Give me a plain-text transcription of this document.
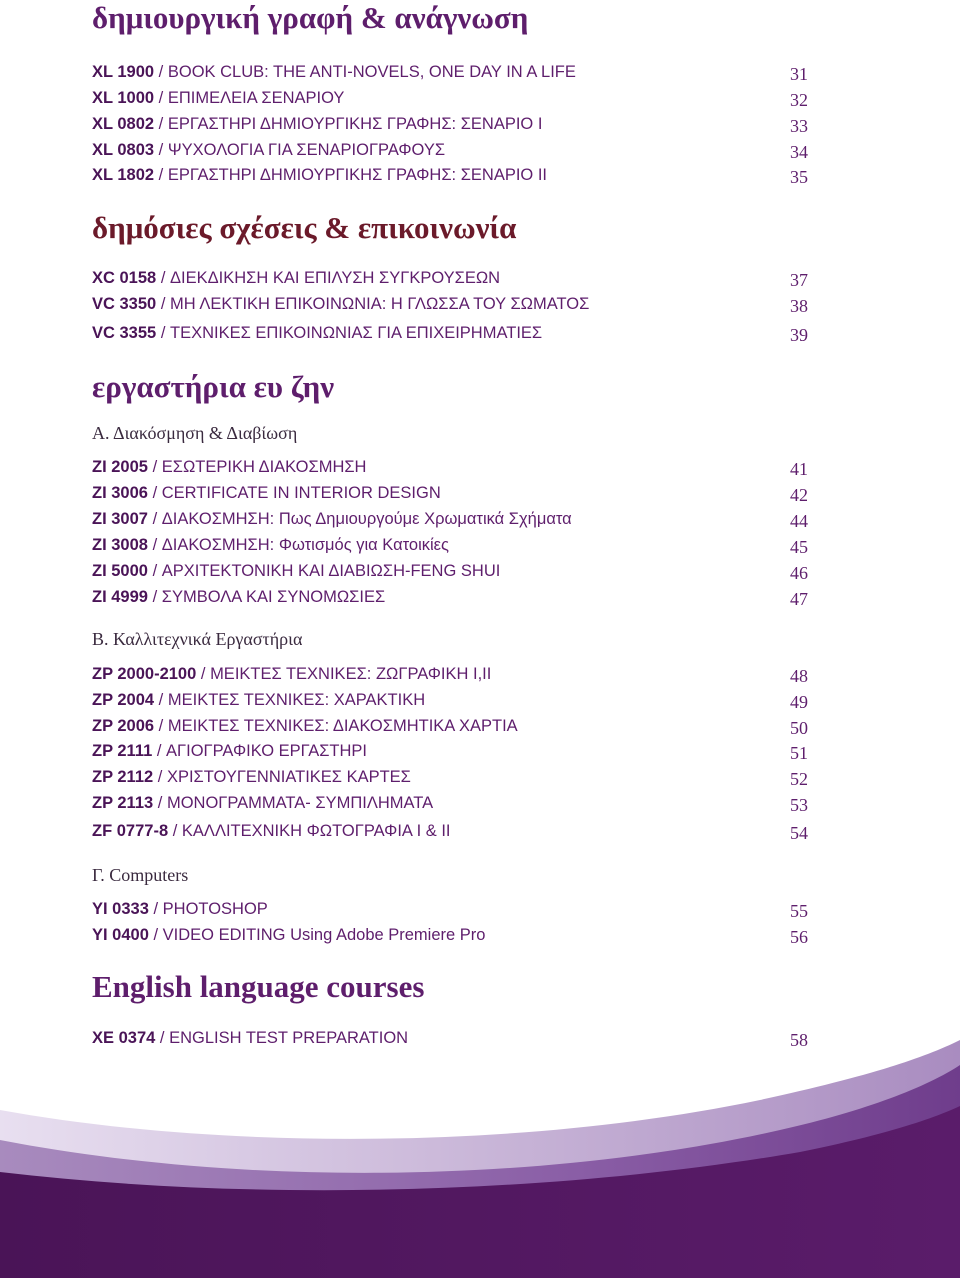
δημιουργική γραφή & ανάγνωση
XL 1900 / BOOK CLUB: THE ANTI-NOVELS, ONE DAY IN A LIFE	31
XL 1000 / ΕΠΙΜΕΛΕΙΑ ΣΕΝΑΡΙΟΥ	32
XL 0802 / ΕΡΓΑΣΤΗΡΙ ΔΗΜΙΟΥΡΓΙΚΗΣ ΓΡΑΦΗΣ: ΣΕΝΑΡΙΟ Ι	33
XL 0803 / ΨΥΧΟΛΟΓΙΑ ΓΙΑ ΣΕΝΑΡΙΟΓΡΑΦΟΥΣ	34
XL 1802 / ΕΡΓΑΣΤΗΡΙ ΔΗΜΙΟΥΡΓΙΚΗΣ ΓΡΑΦΗΣ: ΣΕΝΑΡΙΟ ΙΙ	35
δημόσιες σχέσεις & επικοινωνία
XC 0158 / ΔΙΕΚΔΙΚΗΣΗ ΚΑΙ ΕΠΙΛΥΣΗ ΣΥΓΚΡΟΥΣΕΩΝ	37
VC 3350 / ΜΗ ΛΕΚΤΙΚΗ ΕΠΙΚΟΙΝΩΝΙΑ: Η ΓΛΩΣΣΑ ΤΟΥ ΣΩΜΑΤΟΣ	38
VC 3355 / ΤΕΧΝΙΚΕΣ ΕΠΙΚΟΙΝΩΝΙΑΣ ΓΙΑ ΕΠΙΧΕΙΡΗΜΑΤΙΕΣ	39
εργαστήρια ευ ζην
Α. Διακόσμηση & Διαβίωση
ZI 2005 / ΕΣΩΤΕΡΙΚΗ ΔΙΑΚΟΣΜΗΣΗ	41
ZI 3006 / CERTIFICATE IN INTERIOR DESIGN	42
ZI 3007 / ΔΙΑΚΟΣΜΗΣΗ: Πως Δημιουργούμε Χρωματικά Σχήματα	44
ZI 3008 / ΔΙΑΚΟΣΜΗΣΗ: Φωτισμός για Κατοικίες	45
ZI 5000 / ΑΡΧΙΤΕΚΤΟΝΙΚΗ ΚΑΙ ΔΙΑΒΙΩΣΗ-FENG SHUI	46
ZI 4999 / ΣΥΜΒΟΛΑ ΚΑΙ ΣΥΝΟΜΩΣΙΕΣ	47
Β. Καλλιτεχνικά Εργαστήρια
ZP 2000-2100 / ΜΕΙΚΤΕΣ ΤΕΧΝΙΚΕΣ: ΖΩΓΡΑΦΙΚΗ Ι,ΙΙ	48
ZP 2004 / ΜΕΙΚΤΕΣ ΤΕΧΝΙΚΕΣ: ΧΑΡΑΚΤΙΚΗ	49
ZP 2006 / ΜΕΙΚΤΕΣ ΤΕΧΝΙΚΕΣ: ΔΙΑΚΟΣΜΗΤΙΚΑ ΧΑΡΤΙΑ	50
ZP 2111 / ΑΓΙΟΓΡΑΦΙΚΟ ΕΡΓΑΣΤΗΡΙ	51
ZP 2112 / ΧΡΙΣΤΟΥΓΕΝΝΙΑΤΙΚΕΣ ΚΑΡΤΕΣ	52
ZP 2113 / ΜΟΝΟΓΡΑΜΜΑΤΑ- ΣΥΜΠΙΛΗΜΑΤΑ	53
ZF 0777-8 / ΚΑΛΛΙΤΕΧΝΙΚΗ ΦΩΤΟΓΡΑΦΙΑ Ι & ΙΙ	54
Γ. Computers
YI 0333 / PHOTOSHOP	55
YI 0400 / VIDEO EDITING Using Adobe Premiere Pro	56
English language courses
XE 0374 / ENGLISH TEST PREPARATION	58
